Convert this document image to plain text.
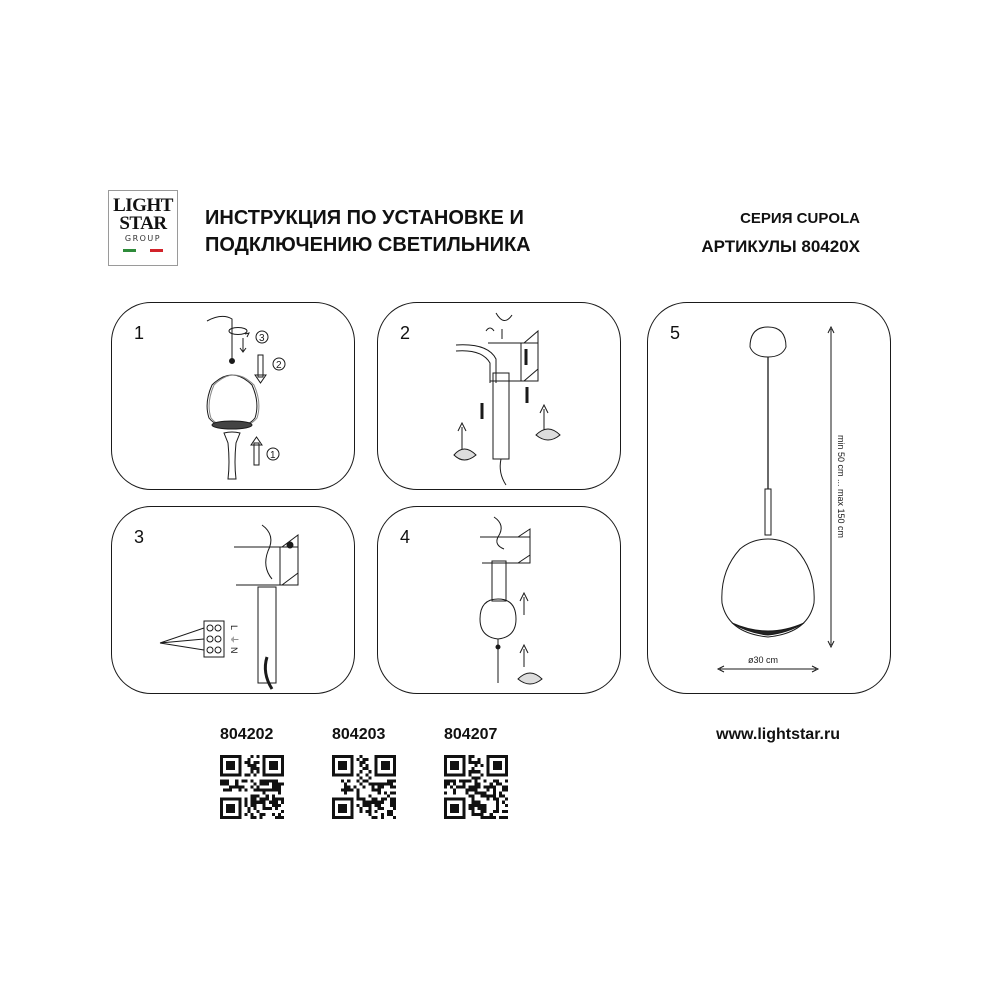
LIGHT
STAR
GROUP
ИНСТРУКЦИЯ ПО УСТАНОВКЕ И
ПОДКЛЮЧЕНИЮ СВЕТИЛЬНИКА
СЕРИЯ CUPOLA
АРТИКУЛЫ 80420X
1	3
2
1
2
3
L
⏚
N
4
5
min 50 cm ... max 150 cm
ø30 cm
804202	804203	804207	www.lightstar.ru
